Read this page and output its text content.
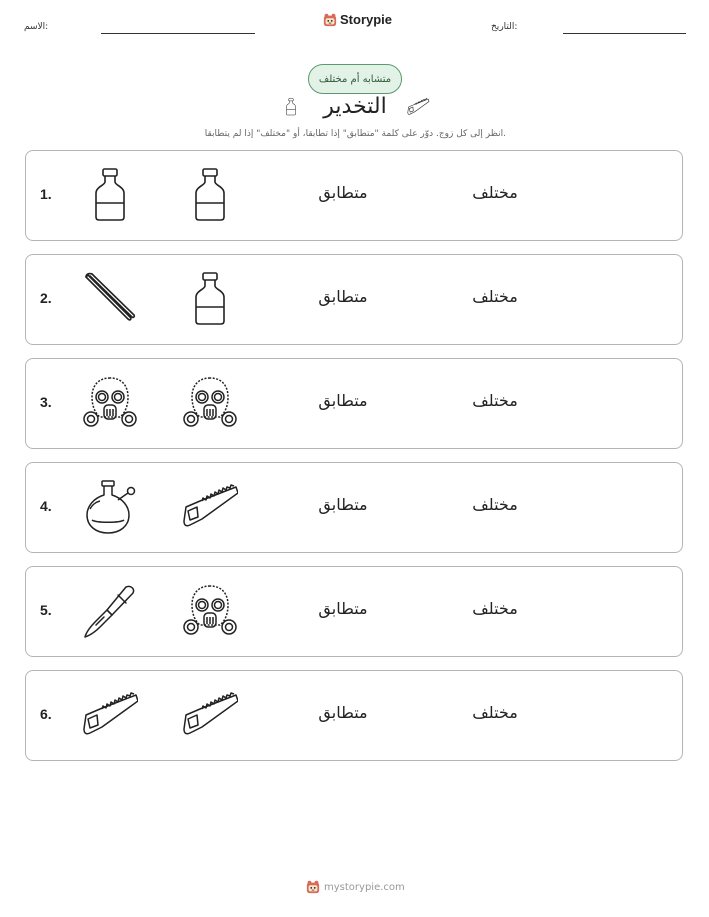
الاسم:	Storypie	التاريخ:
متشابه أم مختلف
التخدير
انظر إلى كل زوج. دوّر على كلمة "متطابق" إذا تطابقا، أو "مختلف" إذا لم يتطابقا.
1.	متطابق	مختلف
2.	متطابق	مختلف
3.	متطابق	مختلف
4.	متطابق	مختلف
5.	متطابق	مختلف
6.	متطابق	مختلف
mystorypie.com
